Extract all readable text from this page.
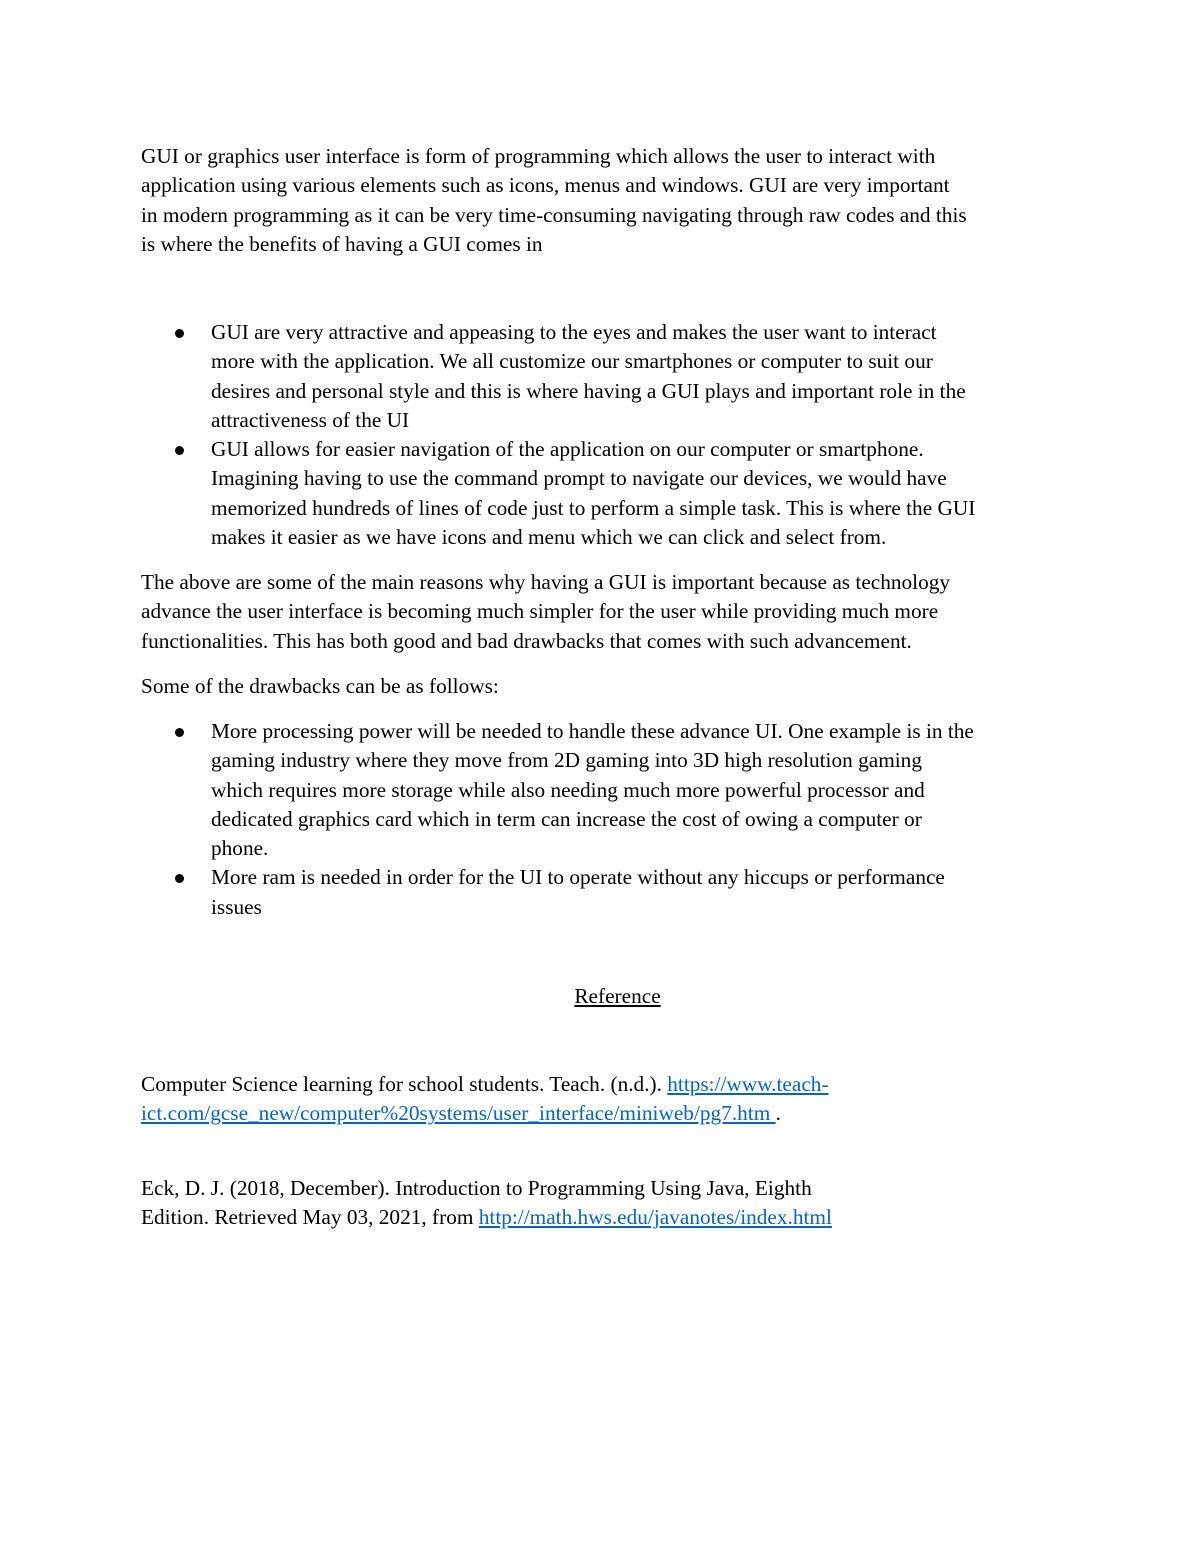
GUI or graphics user interface is form of programming which allows the user to interact with
application using various elements such as icons, menus and windows. GUI are very important
in modern programming as it can be very time-consuming navigating through raw codes and this
is where the benefits of having a GUI comes in
GUI are very attractive and appeasing to the eyes and makes the user want to interact
more with the application. We all customize our smartphones or computer to suit our
desires and personal style and this is where having a GUI plays and important role in the
attractiveness of the UI
GUI allows for easier navigation of the application on our computer or smartphone.
Imagining having to use the command prompt to navigate our devices, we would have
memorized hundreds of lines of code just to perform a simple task. This is where the GUI
makes it easier as we have icons and menu which we can click and select from.
The above are some of the main reasons why having a GUI is important because as technology
advance the user interface is becoming much simpler for the user while providing much more
functionalities. This has both good and bad drawbacks that comes with such advancement.
Some of the drawbacks can be as follows:
More processing power will be needed to handle these advance UI. One example is in the
gaming industry where they move from 2D gaming into 3D high resolution gaming
which requires more storage while also needing much more powerful processor and
dedicated graphics card which in term can increase the cost of owing a computer or
phone.
More ram is needed in order for the UI to operate without any hiccups or performance
issues
Reference
Computer Science learning for school students. Teach. (n.d.). https://www.teach-
ict.com/gcse_new/computer%20systems/user_interface/miniweb/pg7.htm .
Eck, D. J. (2018, December). Introduction to Programming Using Java, Eighth
Edition. Retrieved May 03, 2021, from http://math.hws.edu/javanotes/index.html
